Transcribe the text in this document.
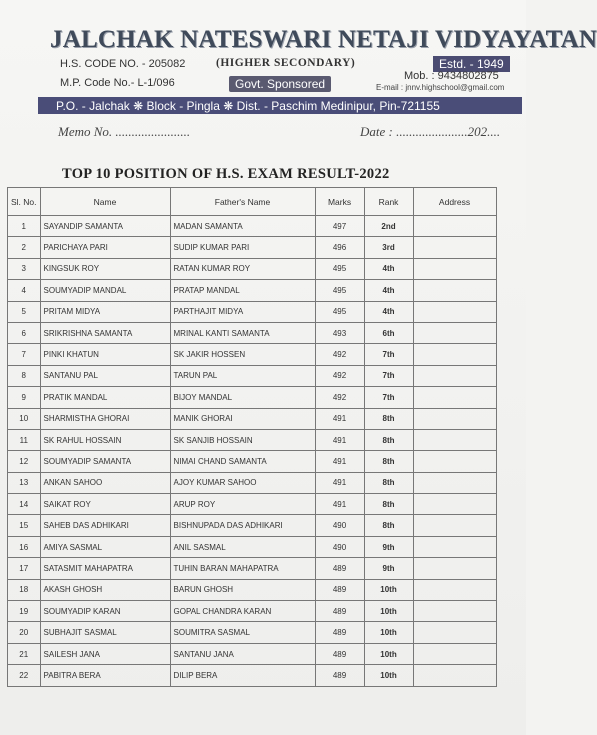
JALCHAK NATESWARI NETAJI VIDYAYATAN
H.S. CODE NO. - 205082
M.P. Code No.- L-1/096
(HIGHER SECONDARY)
Govt. Sponsored
Estd. - 1949
Mob. : 9434802875
E-mail : jnnv.highschool@gmail.com
P.O. - Jalchak ❋ Block - Pingla ❋ Dist. - Paschim Medinipur, Pin-721155
Memo No. .......................	Date : ......................202....
TOP 10 POSITION OF H.S. EXAM RESULT-2022
Sl. No.	Name	Father's Name	Marks	Rank	Address
1	SAYANDIP SAMANTA	MADAN SAMANTA	497	2nd	
2	PARICHAYA PARI	SUDIP KUMAR PARI	496	3rd	
3	KINGSUK ROY	RATAN KUMAR ROY	495	4th	
4	SOUMYADIP MANDAL	PRATAP MANDAL	495	4th	
5	PRITAM MIDYA	PARTHAJIT MIDYA	495	4th	
6	SRIKRISHNA SAMANTA	MRINAL KANTI SAMANTA	493	6th	
7	PINKI KHATUN	SK JAKIR HOSSEN	492	7th	
8	SANTANU PAL	TARUN PAL	492	7th	
9	PRATIK MANDAL	BIJOY MANDAL	492	7th	
10	SHARMISTHA GHORAI	MANIK GHORAI	491	8th	
11	SK RAHUL HOSSAIN	SK SANJIB HOSSAIN	491	8th	
12	SOUMYADIP SAMANTA	NIMAI CHAND SAMANTA	491	8th	
13	ANKAN SAHOO	AJOY KUMAR SAHOO	491	8th	
14	SAIKAT ROY	ARUP ROY	491	8th	
15	SAHEB DAS ADHIKARI	BISHNUPADA DAS ADHIKARI	490	8th	
16	AMIYA SASMAL	ANIL SASMAL	490	9th	
17	SATASMIT MAHAPATRA	TUHIN BARAN MAHAPATRA	489	9th	
18	AKASH GHOSH	BARUN GHOSH	489	10th	
19	SOUMYADIP KARAN	GOPAL CHANDRA KARAN	489	10th	
20	SUBHAJIT SASMAL	SOUMITRA SASMAL	489	10th	
21	SAILESH JANA	SANTANU JANA	489	10th	
22	PABITRA BERA	DILIP BERA	489	10th	
